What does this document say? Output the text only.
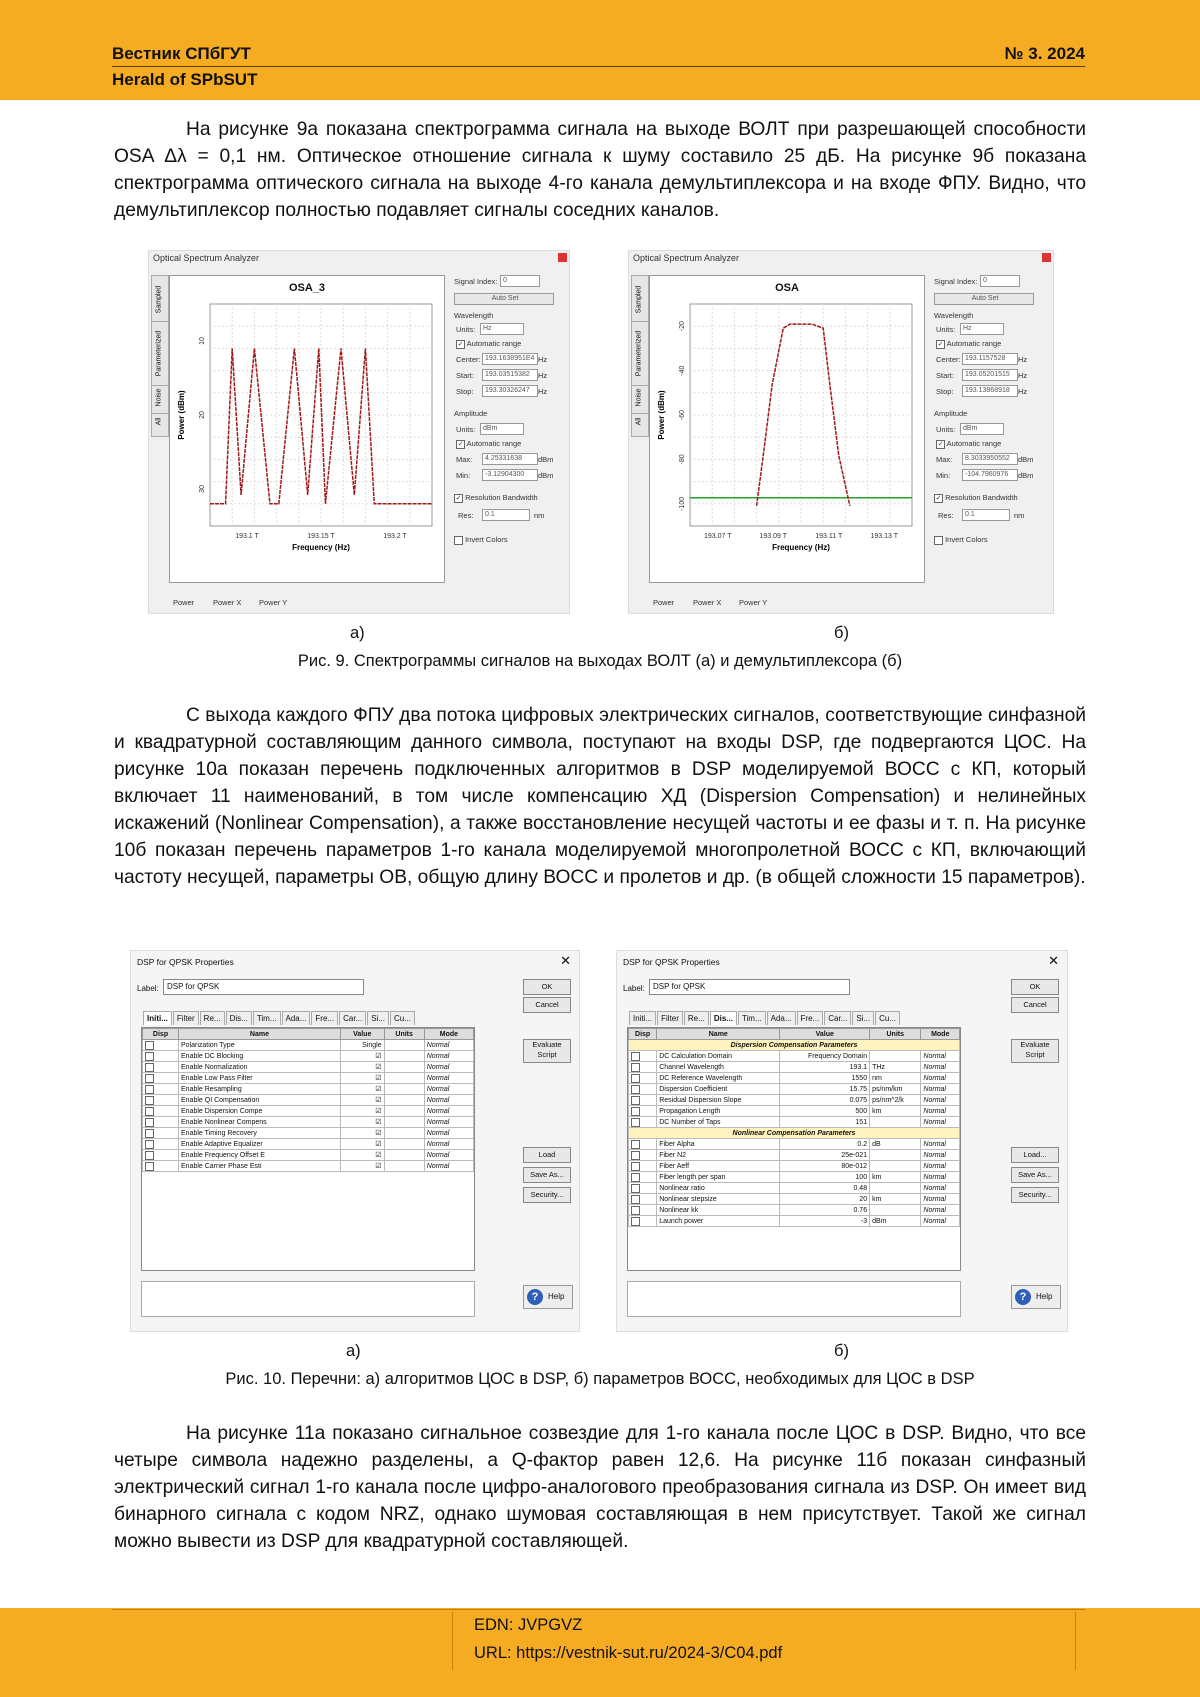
Вестник СПбГУТ
Herald of SPbSUT
№ 3. 2024
На рисунке 9а показана спектрограмма сигнала на выходе ВОЛТ при разрешающей способности OSA Δλ = 0,1 нм. Оптическое отношение сигнала к шуму составило 25 дБ. На рисунке 9б показана спектрограмма оптического сигнала на выходе 4-го канала демультиплексора и на входе ФПУ. Видно, что демультиплексор полностью подавляет сигналы соседних каналов.
Optical Spectrum Analyzer
Sampled
Parameterized
Noise
All
OSA_3
193.1 T	193.15 T	193.2 T
10
20
30
Frequency (Hz)
Power (dBm)
Power Power X Power Y
Signal Index: 0
Auto Set
Wavelength
Units:	Hz
✓ Automatic range
Center: 193.1638951E4 Hz
Start:	193.03515382	Hz
Stop:	193.30326247	Hz
Amplitude
Units:	dBm
✓ Automatic range
Max:	4.25331638	dBm
Min:	-3.12904300	dBm
✓ Resolution Bandwidth
Res:	0.1	nm
Invert Colors
Optical Spectrum Analyzer
Sampled
Parameterized
Noise
All
OSA
193.07 T	193.09 T	193.11 T	193.13 T
-20
-40
-60
-80
-100
Frequency (Hz)
Power (dBm)
Power Power X Power Y
Signal Index: 0
Auto Set
Wavelength
Units:	Hz
✓ Automatic range
Center: 193.1157528	Hz
Start:	193.05201515	Hz
Stop:	193.13868918	Hz
Amplitude
Units:	dBm
✓ Automatic range
Max:	8.3033950552	dBm
Min:	-104.7960976	dBm
✓ Resolution Bandwidth
Res:	0.1	nm
Invert Colors
а)	б)
Рис. 9. Спектрограммы сигналов на выходах ВОЛТ (а) и демультиплексора (б)
С выхода каждого ФПУ два потока цифровых электрических сигналов, соответствующие синфазной и квадратурной составляющим данного символа, поступают на входы DSP, где подвергаются ЦОС. На рисунке 10а показан перечень подключенных алгоритмов в DSP моделируемой ВОСС с КП, который включает 11 наименований, в том числе компенсацию ХД (Dispersion Compensation) и нелинейных искажений (Nonlinear Compensation), а также восстановление несущей частоты и ее фазы и т. п. На рисунке 10б показан перечень параметров 1-го канала моделируемой многопролетной ВОСС с КП, включающий частоту несущей, параметры ОВ, общую длину ВОСС и пролетов и др. (в общей сложности 15 параметров).
DSP for QPSK Properties	✕
Label:	DSP for QPSK
Initi... Filter Re... Dis... Tim... Ada... Fre... Car... Si... Cu...
Disp	Name	Value	Units	Mode
	Polarization Type	Single		Normal
	Enable DC Blocking	☑		Normal
	Enable Normalization	☑		Normal
	Enable Low Pass Filter	☑		Normal
	Enable Resampling	☑		Normal
	Enable QI Compensation	☑		Normal
	Enable Dispersion Compe	☑		Normal
	Enable Nonlinear Compens	☑		Normal
	Enable Timing Recovery	☑		Normal
	Enable Adaptive Equalizer	☑		Normal
	Enable Frequency Offset E	☑		Normal
	Enable Carrier Phase Esti	☑		Normal
?	Help
OK
Cancel
Evaluate Script
Load
Save As...
Security...
DSP for QPSK Properties	✕
Label:	DSP for QPSK
Initi... Filter Re... Dis... Tim... Ada... Fre... Car... Si... Cu...
Disp	Name	Value	Units	Mode
Dispersion Compensation Parameters				
	DC Calculation Domain	Frequency Domain		Normal
	Channel Wavelength	193.1	THz	Normal
	DC Reference Wavelength	1550	nm	Normal
	Dispersion Coefficient	15.75	ps/nm/km	Normal
	Residual Dispersion Slope	0.075	ps/nm^2/k	Normal
	Propagation Length	500	km	Normal
	DC Number of Taps	151		Normal
Nonlinear Compensation Parameters				
	Fiber Alpha	0.2	dB	Normal
	Fiber N2	25e-021		Normal
	Fiber Aeff	80e-012		Normal
	Fiber length per span	100	km	Normal
	Nonlinear ratio	0.48		Normal
	Nonlinear stepsize	20	km	Normal
	Nonlinear kk	0.76		Normal
	Launch power	-3	dBm	Normal
?	Help
OK
Cancel
Evaluate Script
Load...
Save As...
Security...
а)	б)
Рис. 10. Перечни: а) алгоритмов ЦОС в DSP, б) параметров ВОСС, необходимых для ЦОС в DSP
На рисунке 11а показано сигнальное созвездие для 1-го канала после ЦОС в DSP. Видно, что все четыре символа надежно разделены, а Q-фактор равен 12,6. На рисунке 11б показан синфазный электрический сигнал 1-го канала после цифро-аналогового преобразования сигнала из DSP. Он имеет вид бинарного сигнала с кодом NRZ, однако шумовая составляющая в нем присутствует. Такой же сигнал можно вывести из DSP для квадратурной составляющей.
EDN: JVPGVZ
URL: https://vestnik-sut.ru/2024-3/C04.pdf
